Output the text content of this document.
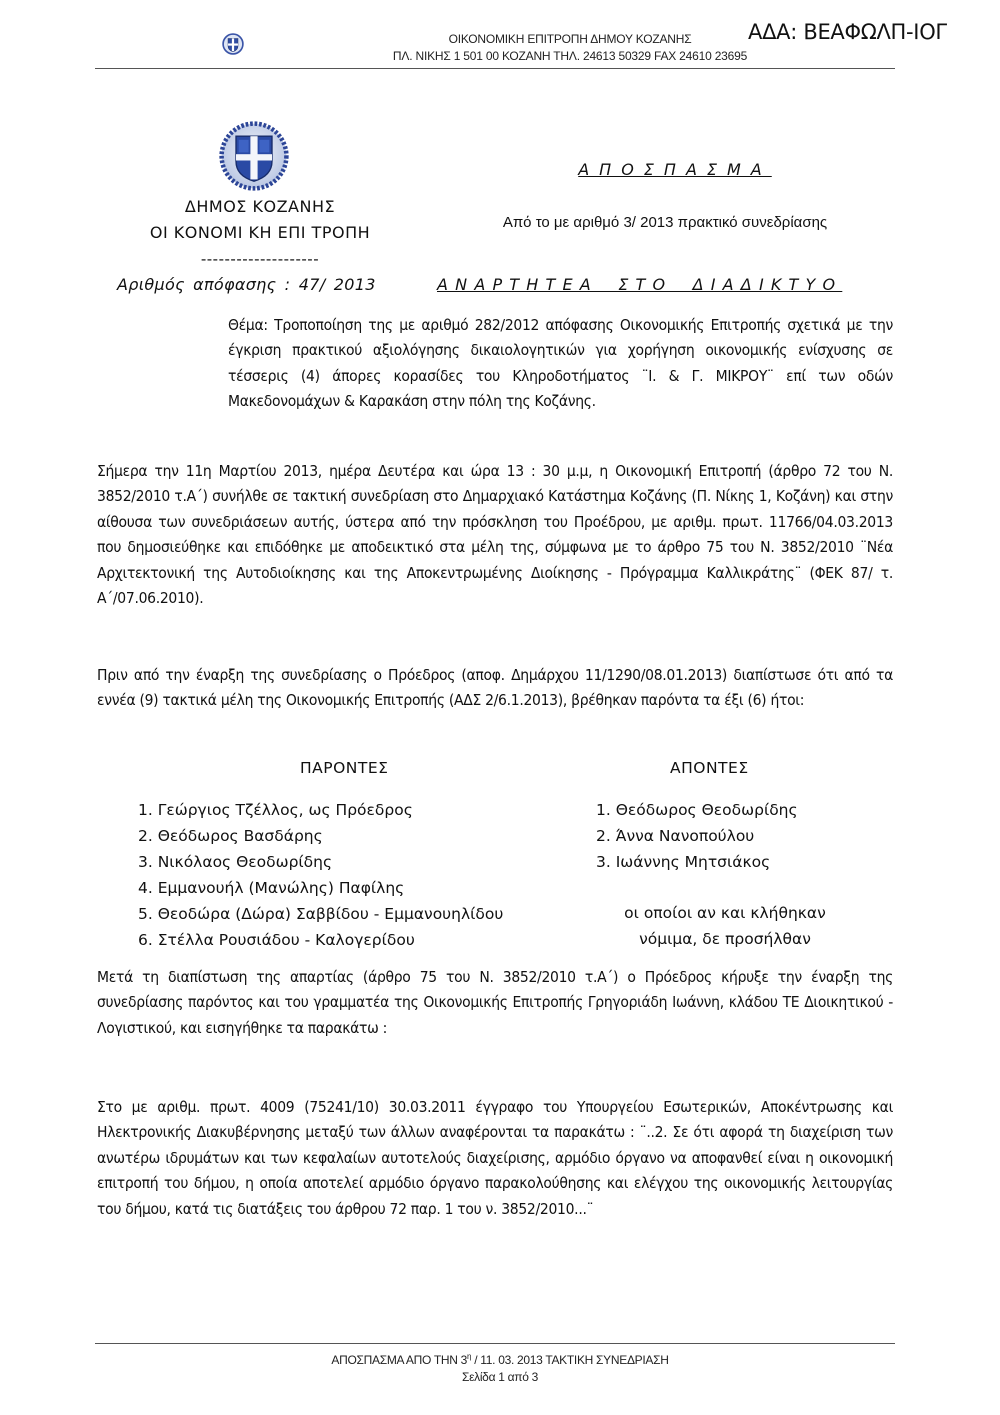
ΟΙΚΟΝΟΜΙΚΗ ΕΠΙΤΡΟΠΗ ΔΗΜΟΥ ΚΟΖΑΝΗΣ
ΠΛ. ΝΙΚΗΣ 1 501 00 ΚΟΖΑΝΗ ΤΗΛ. 24613 50329 FAX 24610 23695
ΑΔΑ: ΒΕΑΦΩΛΠ-ΙΟΓ
ΔΗΜΟΣ ΚΟΖΑΝΗΣ
ΟΙ ΚΟΝΟΜΙ ΚΗ ΕΠΙ ΤΡΟΠΗ
--------------------
Αριθμός απόφασης : 47/ 2013
ΑΠΟΣΠΑΣΜΑ
Από το με αριθμό 3/ 2013 πρακτικό συνεδρίασης
ΑΝΑΡΤΗΤΕΑ ΣΤΟ ΔΙΑΔΙΚΤΥΟ
Θέμα: Τροποποίηση της με αριθμό 282/2012 απόφασης Οικονομικής Επιτροπής σχετικά με την έγκριση πρακτικού αξιολόγησης δικαιολογητικών για χορήγηση οικονομικής ενίσχυσης σε τέσσερις (4) άπορες κορασίδες του Κληροδοτήματος ¨Ι. & Γ. ΜΙΚΡΟΥ¨ επί των οδών Μακεδονομάχων & Καρακάση στην πόλη της Κοζάνης.
Σήμερα την 11η Μαρτίου 2013, ημέρα Δευτέρα και ώρα 13 : 30 μ.μ, η Οικονομική Επιτροπή (άρθρο 72 του Ν. 3852/2010 τ.Α΄) συνήλθε σε τακτική συνεδρίαση στο Δημαρχιακό Κατάστημα Κοζάνης (Π. Νίκης 1, Κοζάνη) και στην αίθουσα των συνεδριάσεων αυτής, ύστερα από την πρόσκληση του Προέδρου, με αριθμ. πρωτ. 11766/04.03.2013 που δημοσιεύθηκε και επιδόθηκε με αποδεικτικό στα μέλη της, σύμφωνα με το άρθρο 75 του Ν. 3852/2010 ¨Νέα Αρχιτεκτονική της Αυτοδιοίκησης και της Αποκεντρωμένης Διοίκησης - Πρόγραμμα Καλλικράτης¨ (ΦΕΚ 87/ τ. Α΄/07.06.2010).
Πριν από την έναρξη της συνεδρίασης ο Πρόεδρος (αποφ. Δημάρχου 11/1290/08.01.2013) διαπίστωσε ότι από τα εννέα (9) τακτικά μέλη της Οικονομικής Επιτροπής (ΑΔΣ 2/6.1.2013), βρέθηκαν παρόντα τα έξι (6) ήτοι:
ΠΑΡΟΝΤΕΣ	ΑΠΟΝΤΕΣ
1. Γεώργιος Τζέλλος, ως Πρόεδρος
2. Θεόδωρος Βασδάρης
3. Νικόλαος Θεοδωρίδης
4. Εμμανουήλ (Μανώλης) Παφίλης
5. Θεοδώρα (Δώρα) Σαββίδου - Εμμανουηλίδου
6. Στέλλα Ρουσιάδου - Καλογερίδου
1. Θεόδωρος Θεοδωρίδης
2. Άννα Νανοπούλου
3. Ιωάννης Μητσιάκος
οι οποίοι αν και κλήθηκαν
νόμιμα, δε προσήλθαν
Μετά τη διαπίστωση της απαρτίας (άρθρο 75 του Ν. 3852/2010 τ.Α΄) ο Πρόεδρος κήρυξε την έναρξη της συνεδρίασης παρόντος και του γραμματέα της Οικονομικής Επιτροπής Γρηγοριάδη Ιωάννη, κλάδου ΤΕ Διοικητικού - Λογιστικού, και εισηγήθηκε τα παρακάτω :
Στο με αριθμ. πρωτ. 4009 (75241/10) 30.03.2011 έγγραφο του Υπουργείου Εσωτερικών, Αποκέντρωσης και Ηλεκτρονικής Διακυβέρνησης μεταξύ των άλλων αναφέρονται τα παρακάτω : ¨..2. Σε ότι αφορά τη διαχείριση των ανωτέρω ιδρυμάτων και των κεφαλαίων αυτοτελούς διαχείρισης, αρμόδιο όργανο να αποφανθεί είναι η οικονομική επιτροπή του δήμου, η οποία αποτελεί αρμόδιο όργανο παρακολούθησης και ελέγχου της οικονομικής λειτουργίας του δήμου, κατά τις διατάξεις του άρθρου 72 παρ. 1 του ν. 3852/2010...¨
ΑΠΟΣΠΑΣΜΑ ΑΠΟ ΤΗΝ $3^\eta / 11$. 03. 2013 ΤΑΚΤΙΚΗ ΣΥΝΕΔΡΙΑΣΗ
Σελίδα 1 από 3
